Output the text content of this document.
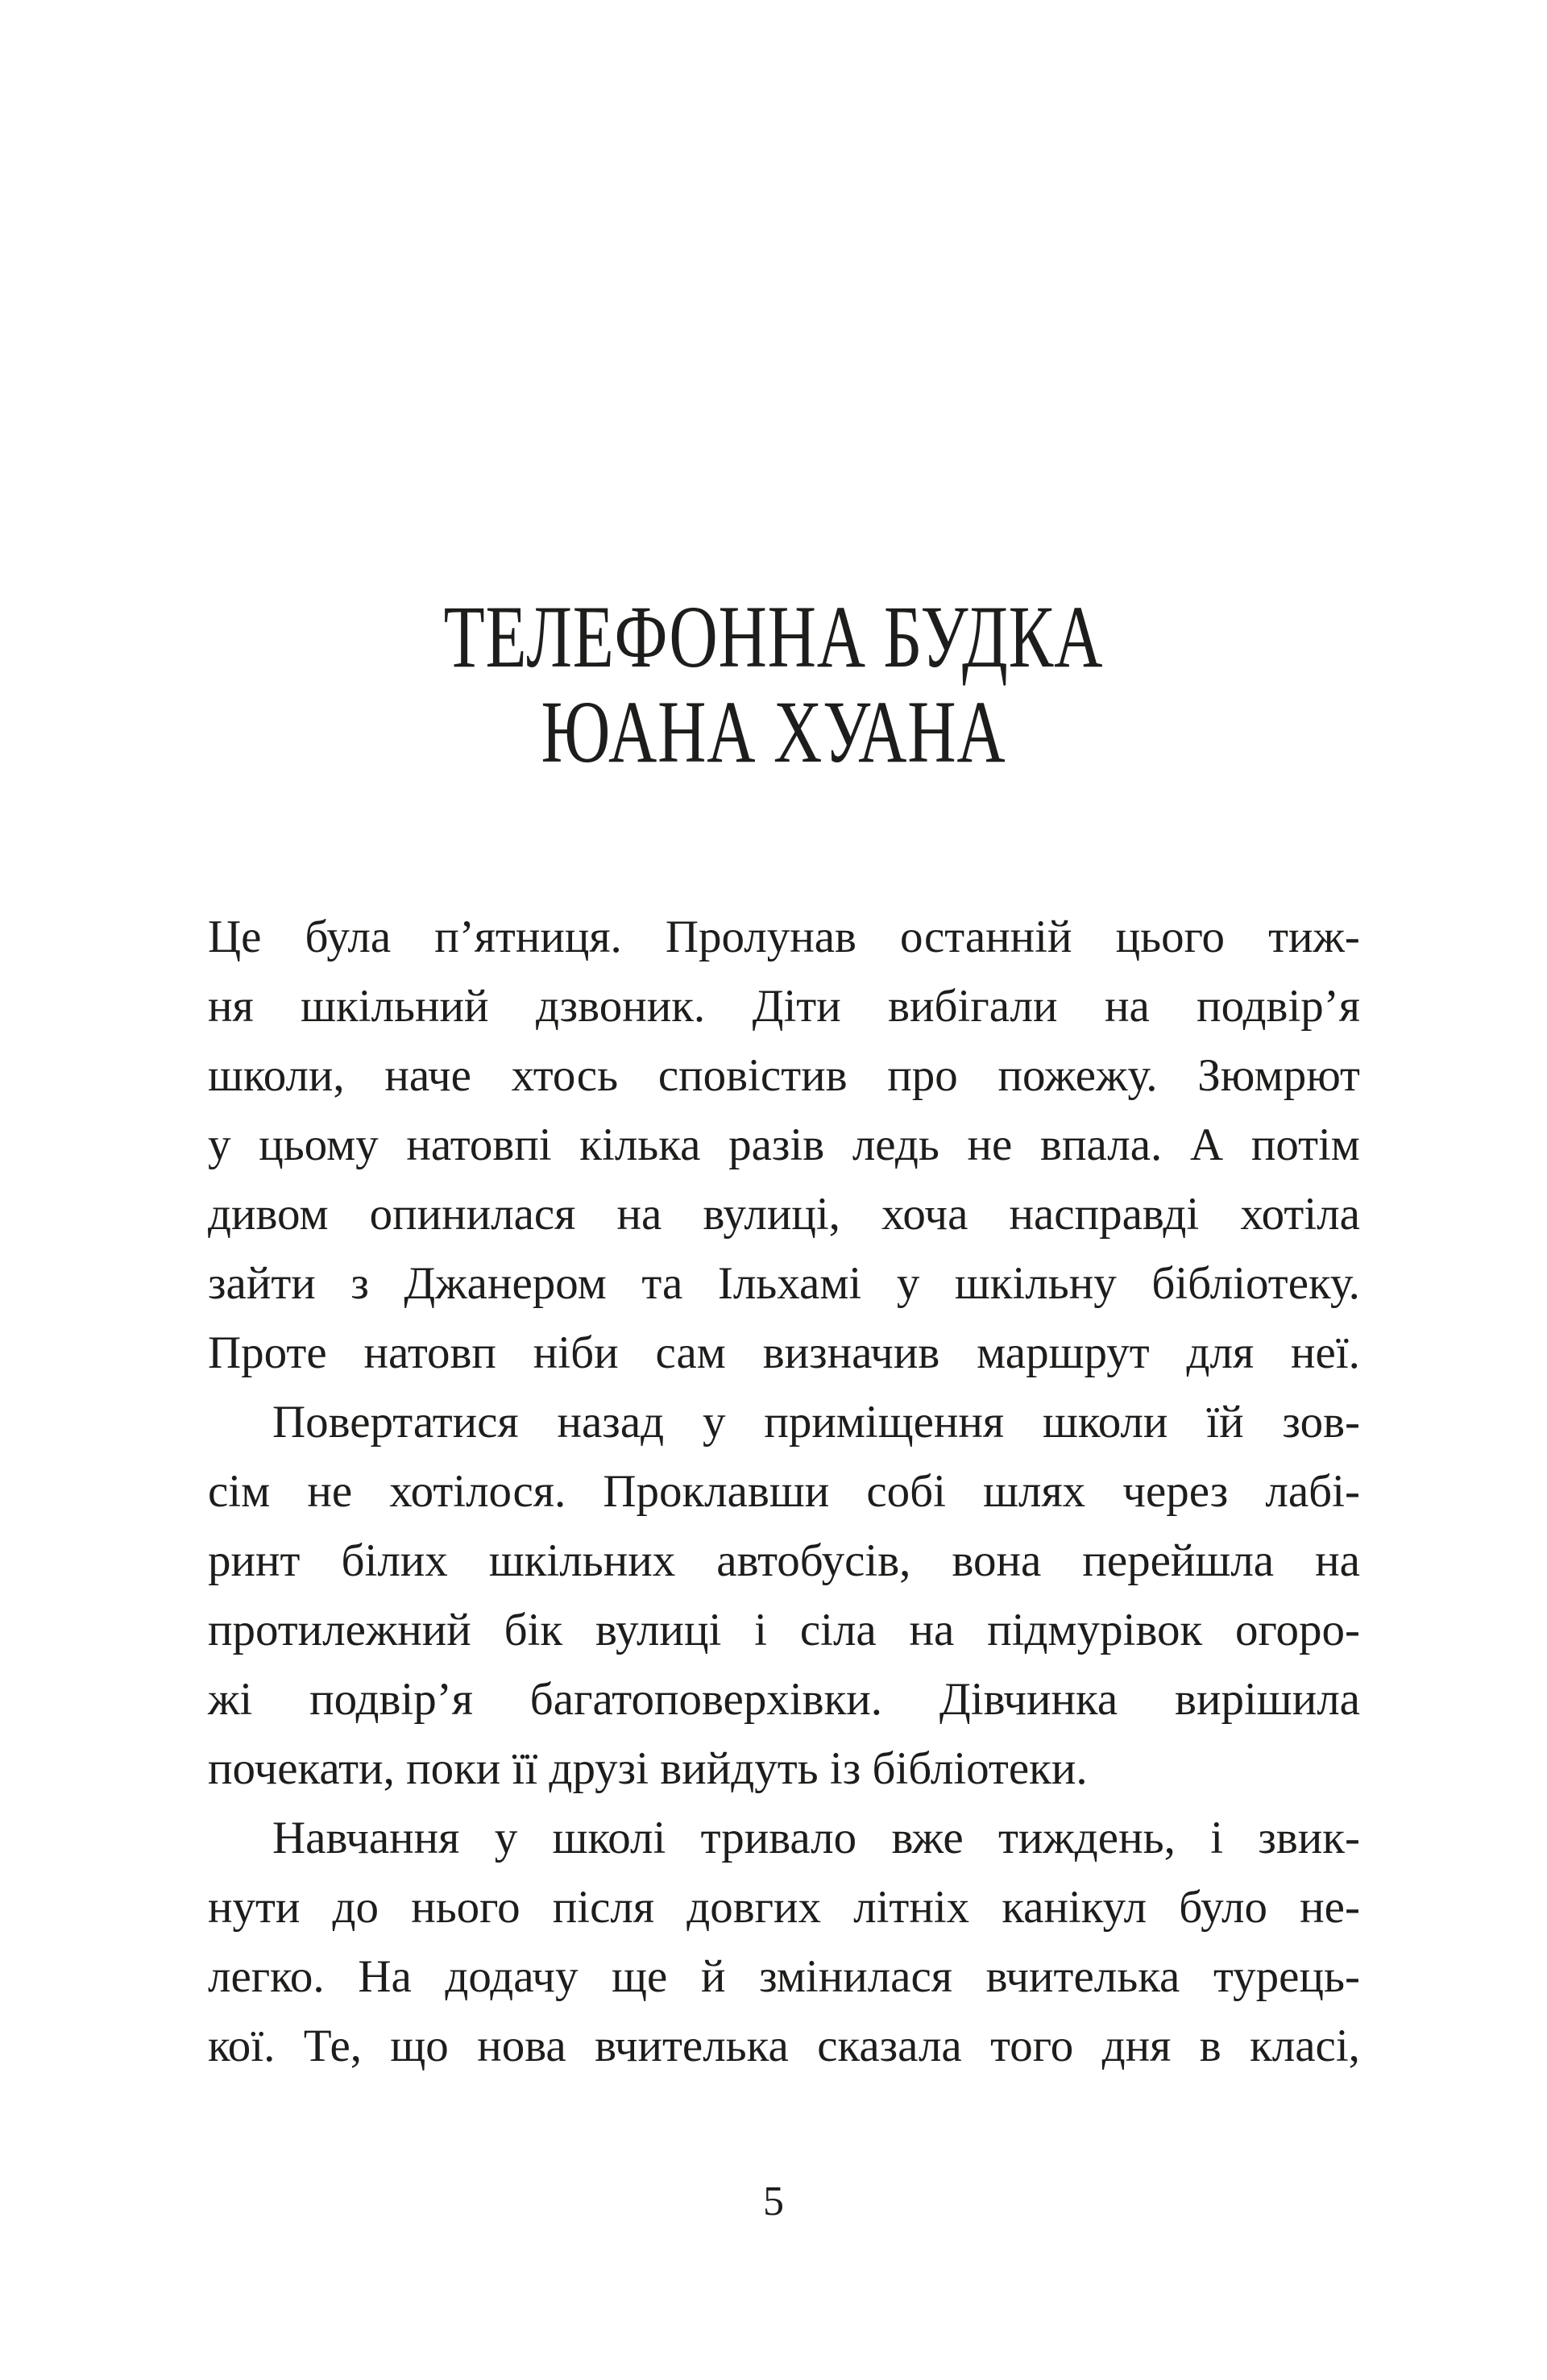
ТЕЛЕФОННА БУДКА
ЮАНА ХУАНА
Це була п’ятниця. Пролунав останній цього тиж-
ня шкільний дзвоник. Діти вибігали на подвір’я
школи, наче хтось сповістив про пожежу. Зюмрют
у цьому натовпі кілька разів ледь не впала. А потім
дивом опинилася на вулиці, хоча насправді хотіла
зайти з Джанером та Ільхамі у шкільну бібліотеку.
Проте натовп ніби сам визначив маршрут для неї.
Повертатися назад у приміщення школи їй зов-
сім не хотілося. Проклавши собі шлях через лабі-
ринт білих шкільних автобусів, вона перейшла на
протилежний бік вулиці і сіла на підмурівок огоро-
жі подвір’я багатоповерхівки. Дівчинка вирішила
почекати, поки її друзі вийдуть із бібліотеки.
Навчання у школі тривало вже тиждень, і звик-
нути до нього після довгих літніх канікул було не-
легко. На додачу ще й змінилася вчителька турець-
кої. Те, що нова вчителька сказала того дня в класі,
5
